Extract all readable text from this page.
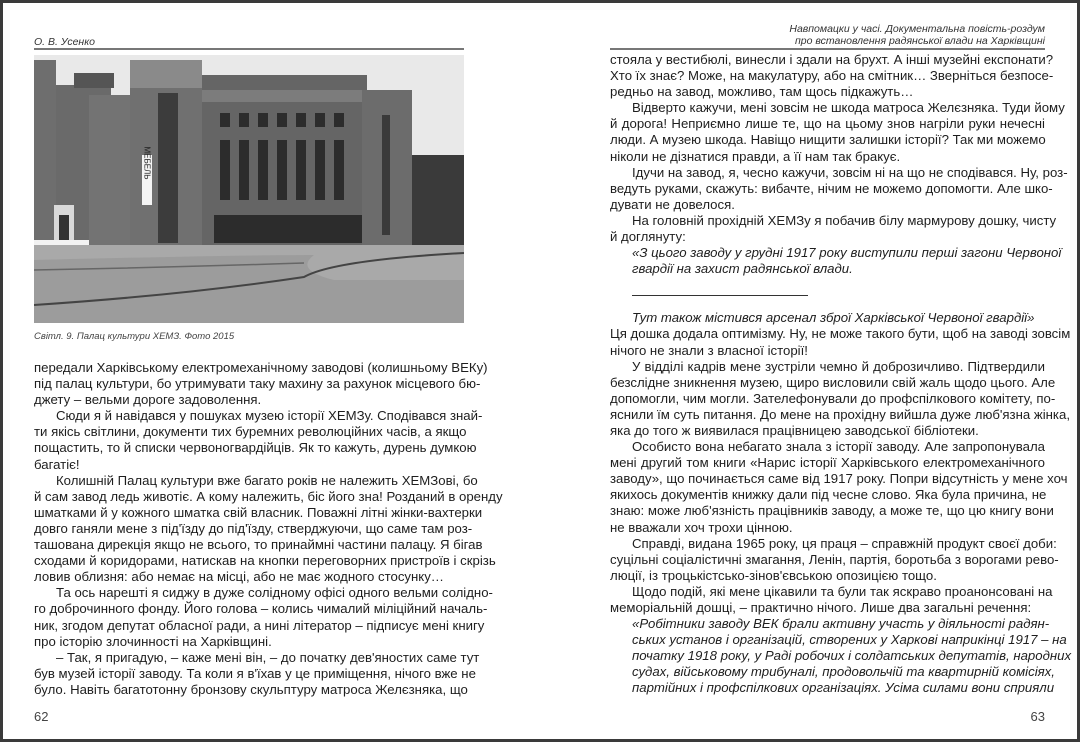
О. В. Усенко
МЕБЕЛЬ
Світл. 9. Палац культури ХЕМЗ. Фото 2015
передали Харківському електромеханічному заводові (колишньому ВЕКу)
під палац культури, бо утримувати таку махину за рахунок місцевого бю-
джету – вельми дороге задоволення.
Сюди я й навідався у пошуках музею історії ХЕМЗу. Сподівався знай-
ти якісь світлини, документи тих буремних революційних часів, а якщо
пощастить, то й списки червоногвардійців. Як то кажуть, дурень думкою
багатіє!
Колишній Палац культури вже багато років не належить ХЕМЗові, бо
й сам завод ледь животіє. А кому належить, біс його зна! Розданий в оренду
шматками й у кожного шматка свій власник. Поважні літні жінки-вахтерки
довго ганяли мене з під'їзду до під'їзду, стверджуючи, що саме там роз-
ташована дирекція якщо не всього, то принаймні частини палацу. Я бігав
сходами й коридорами, натискав на кнопки переговорних пристроїв і скрізь
ловив облизня: або немає на місці, або не має жодного стосунку…
Та ось нарешті я сиджу в дуже солідному офісі одного вельми солідно-
го доброчинного фонду. Його голова – колись чималий міліційний началь-
ник, згодом депутат обласної ради, а нині літератор – підписує мені книгу
про історію злочинності на Харківщині.
– Так, я пригадую, – каже мені він, – до початку дев'яностих саме тут
був музей історії заводу. Та коли я в'їхав у це приміщення, нічого вже не
було. Навіть багатотонну бронзову скульптуру матроса Желєзняка, що
62
Навпомацки у часі. Документальна повість-роздум
про встановлення радянської влади на Харківщині
стояла у вестибюлі, винесли і здали на брухт. А інші музейні експонати?
Хто їх знає? Може, на макулатуру, або на смітник… Зверніться безпосе-
редньо на завод, можливо, там щось підкажуть…
Відверто кажучи, мені зовсім не шкода матроса Желєзняка. Туди йому
й дорога! Неприємно лише те, що на цьому знов нагріли руки нечесні
люди. А музею шкода. Навіщо нищити залишки історії? Так ми можемо
ніколи не дізнатися правди, а її нам так бракує.
Ідучи на завод, я, чесно кажучи, зовсім ні на що не сподівався. Ну, роз-
ведуть руками, скажуть: вибачте, нічим не можемо допомогти. Але шко-
дувати не довелося.
На головній прохідній ХЕМЗу я побачив білу мармурову дошку, чисту
й доглянуту:
«З цього заводу у грудні 1917 року виступили перші загони Червоної
гвардії на захист радянської влади.
Тут також містився арсенал зброї Харківської Червоної гвардії»
Ця дошка додала оптимізму. Ну, не може такого бути, щоб на заводі зовсім
нічого не знали з власної історії!
У відділі кадрів мене зустріли чемно й доброзичливо. Підтвердили
безслідне зникнення музею, щиро висловили свій жаль щодо цього. Але
допомогли, чим могли. Зателефонували до профспілкового комітету, по-
яснили їм суть питання. До мене на прохідну вийшла дуже люб'язна жінка,
яка до того ж виявилася працівницею заводської бібліотеки.
Особисто вона небагато знала з історії заводу. Але запропонувала
мені другий том книги «Нарис історії Харківського електромеханічного
заводу», що починається саме від 1917 року. Попри відсутність у мене хоч
якихось документів книжку дали під чесне слово. Яка була причина, не
знаю: може люб'язність працівників заводу, а може те, що цю книгу вони
не вважали хоч трохи цінною.
Справді, видана 1965 року, ця праця – справжній продукт своєї доби:
суцільні соціалістичні змагання, Ленін, партія, боротьба з ворогами рево-
люції, із троцькістсько-зінов'євською опозицією тощо.
Щодо подій, які мене цікавили та були так яскраво проанонсовані на
меморіальній дошці, – практично нічого. Лише два загальні речення:
«Робітники заводу ВЕК брали активну участь у діяльності радян-
ських установ і організацій, створених у Харкові наприкінці 1917 – на
початку 1918 року, у Раді робочих і солдатських депутатів, народних
судах, військовому трибуналі, продовольчій та квартирній комісіях,
партійних і профспілкових організаціях. Усіма силами вони сприяли
63
